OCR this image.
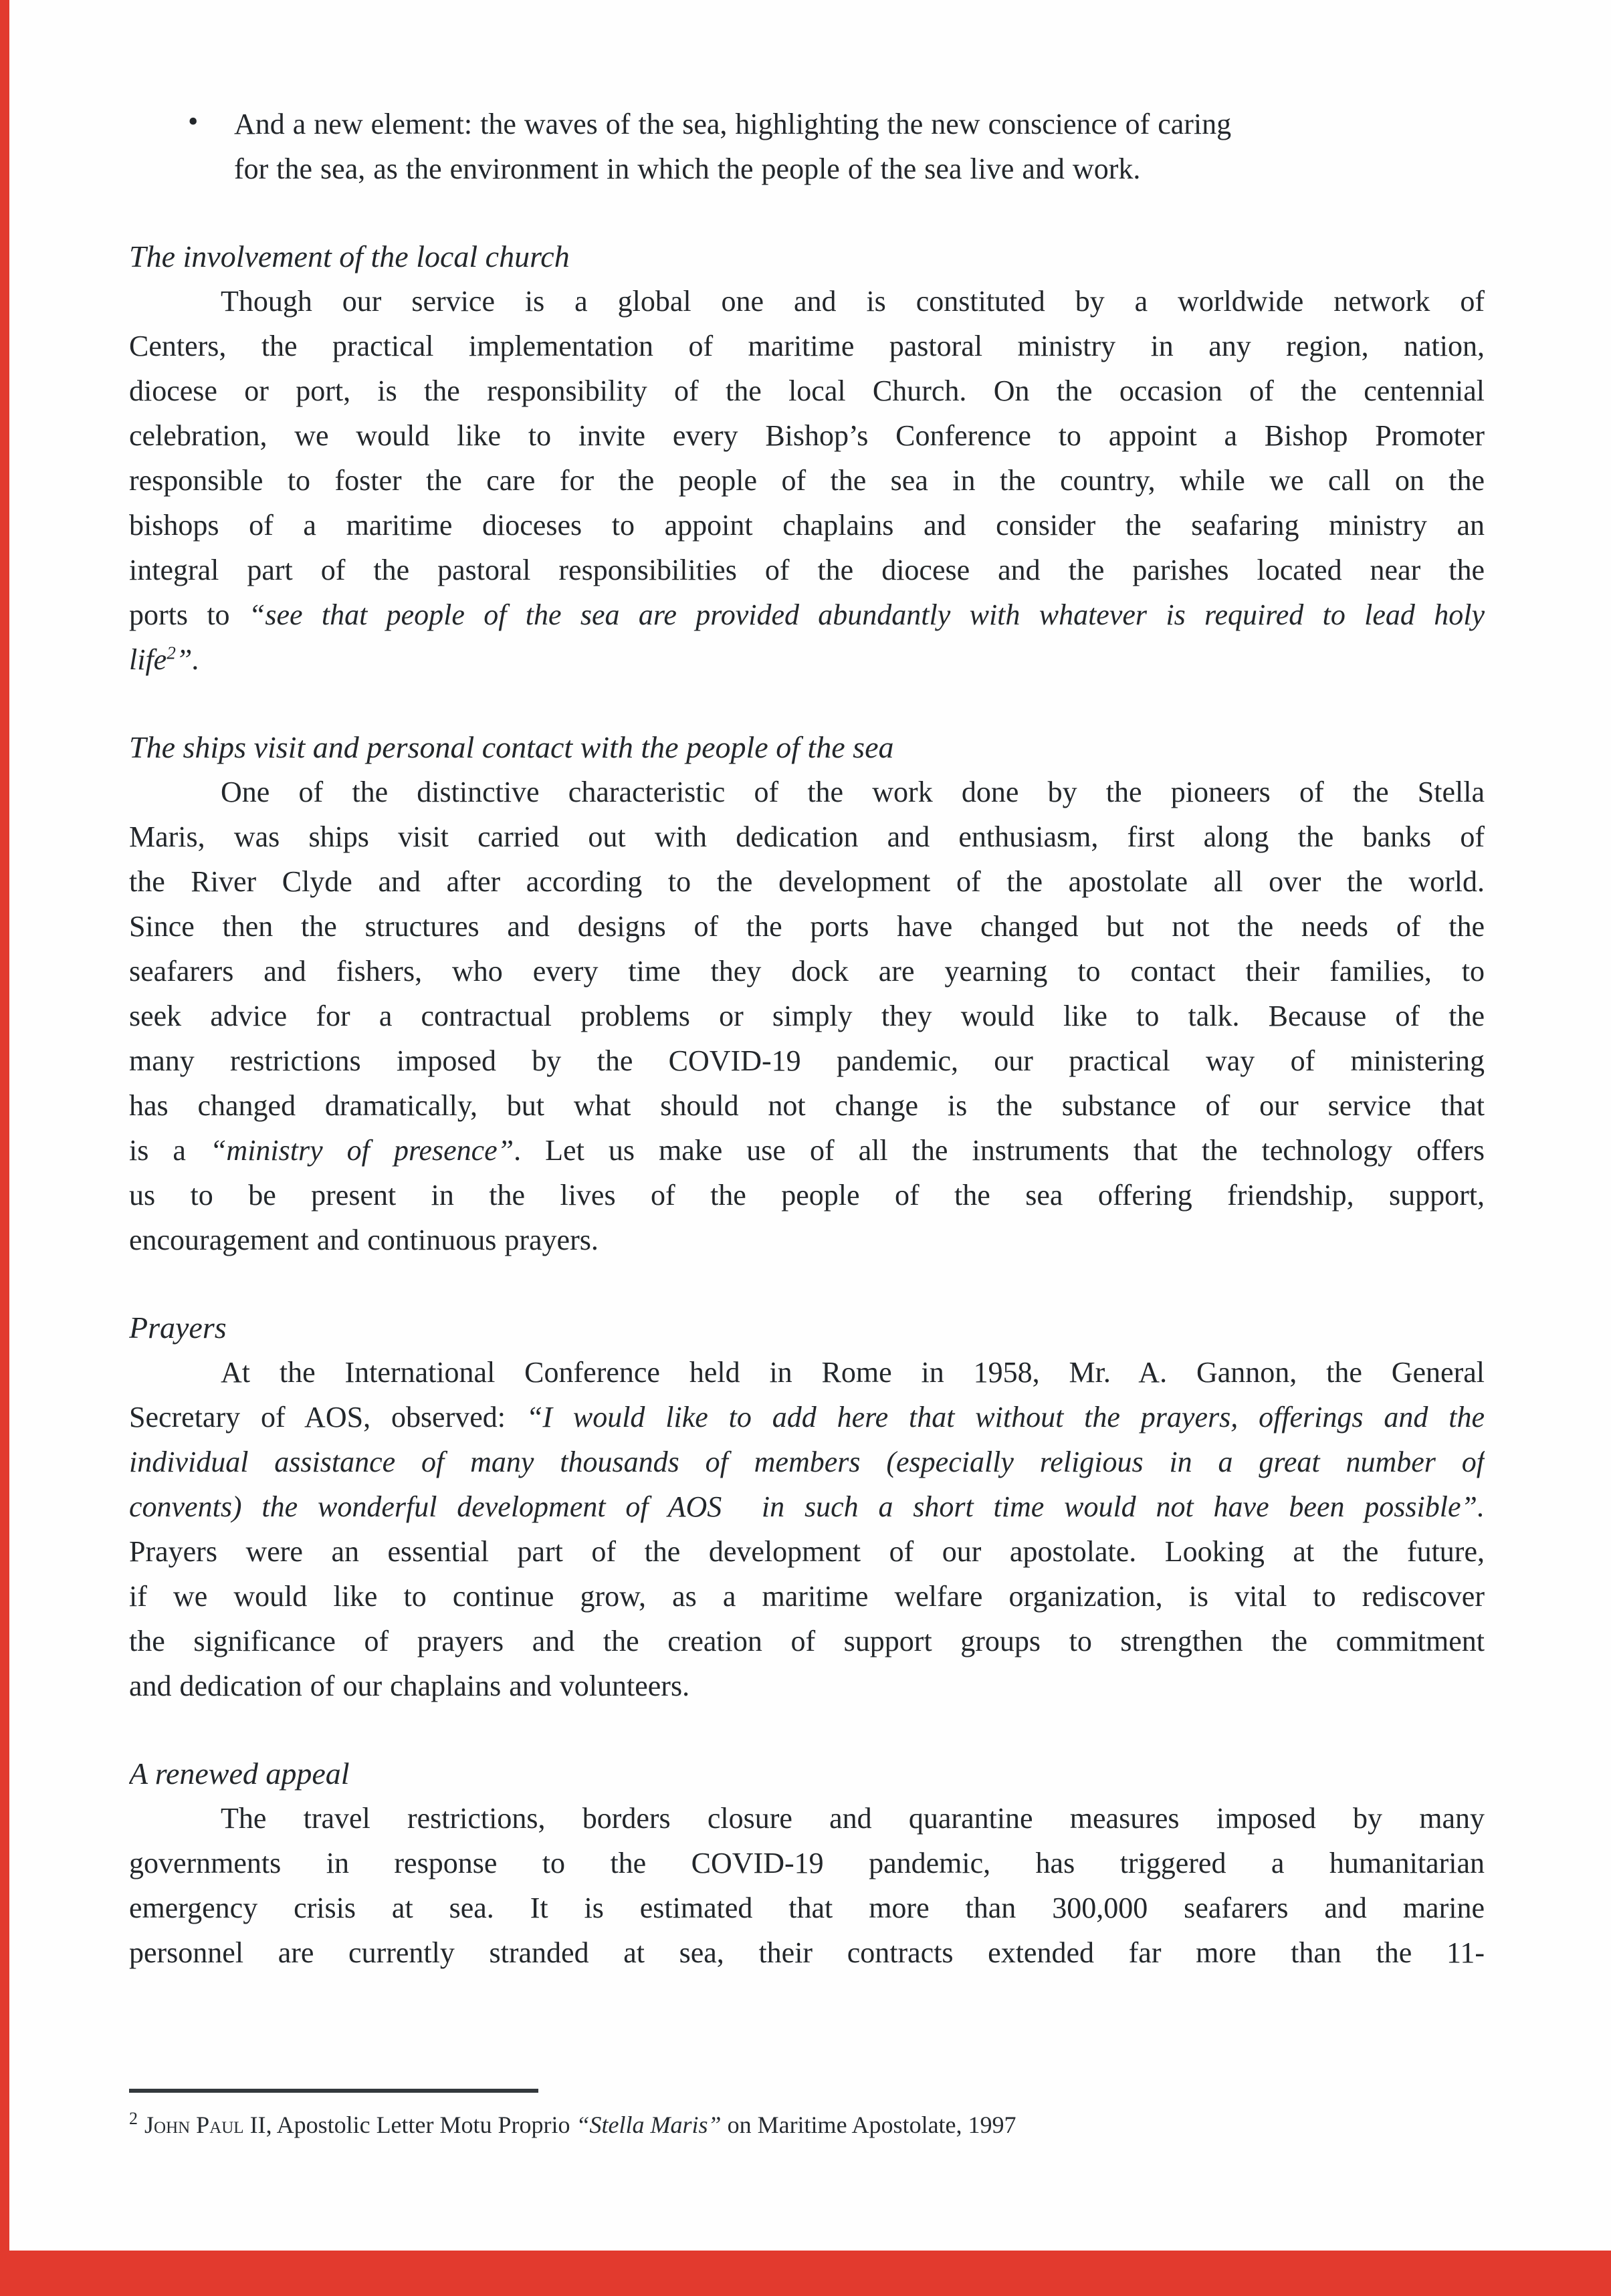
• And a new element: the waves of the sea, highlighting the new conscience of caring
for the sea, as the environment in which the people of the sea live and work.
The involvement of the local church
Though our service is a global one and is constituted by a worldwide network of
Centers, the practical implementation of maritime pastoral ministry in any region, nation,
diocese or port, is the responsibility of the local Church. On the occasion of the centennial
celebration, we would like to invite every Bishop’s Conference to appoint a Bishop Promoter
responsible to foster the care for the people of the sea in the country, while we call on the
bishops of a maritime dioceses to appoint chaplains and consider the seafaring ministry an
integral part of the pastoral responsibilities of the diocese and the parishes located near the
ports to “see that people of the sea are provided abundantly with whatever is required to lead holy
life$^2$”.
The ships visit and personal contact with the people of the sea
One of the distinctive characteristic of the work done by the pioneers of the Stella
Maris, was ships visit carried out with dedication and enthusiasm, first along the banks of
the River Clyde and after according to the development of the apostolate all over the world.
Since then the structures and designs of the ports have changed but not the needs of the
seafarers and fishers, who every time they dock are yearning to contact their families, to
seek advice for a contractual problems or simply they would like to talk. Because of the
many restrictions imposed by the COVID-19 pandemic, our practical way of ministering
has changed dramatically, but what should not change is the substance of our service that
is a “ministry of presence”. Let us make use of all the instruments that the technology offers
us to be present in the lives of the people of the sea offering friendship, support,
encouragement and continuous prayers.
Prayers
At the International Conference held in Rome in 1958, Mr. A. Gannon, the General
Secretary of AOS, observed: “I would like to add here that without the prayers, offerings and the
individual assistance of many thousands of members (especially religious in a great number of
convents) the wonderful development of AOS  in such a short time would not have been possible”.
Prayers were an essential part of the development of our apostolate. Looking at the future,
if we would like to continue grow, as a maritime welfare organization, is vital to rediscover
the significance of prayers and the creation of support groups to strengthen the commitment
and dedication of our chaplains and volunteers.
A renewed appeal
The travel restrictions, borders closure and quarantine measures imposed by many
governments in response to the COVID-19 pandemic, has triggered a humanitarian
emergency crisis at sea. It is estimated that more than 300,000 seafarers and marine
personnel are currently stranded at sea, their contracts extended far more than the 11-
$^2$ John Paul II, Apostolic Letter Motu Proprio “Stella Maris” on Maritime Apostolate, 1997
